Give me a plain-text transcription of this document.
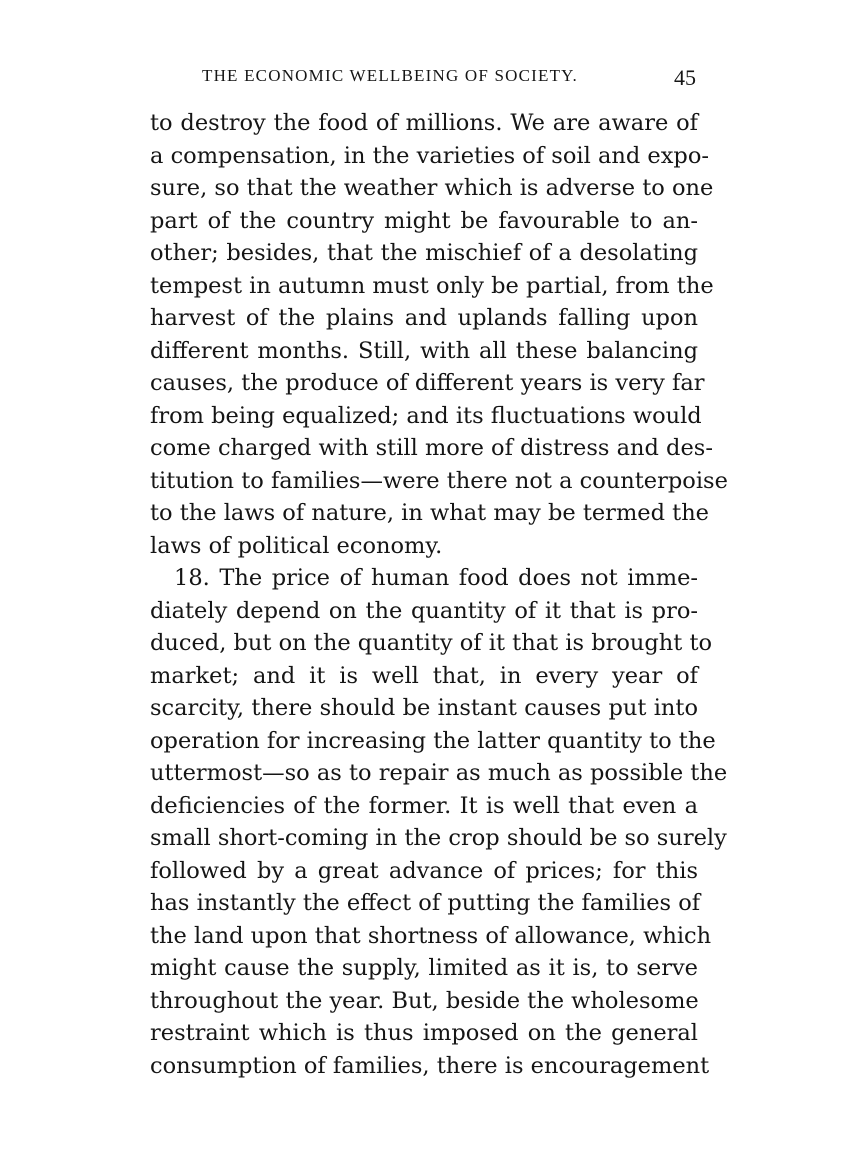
THE ECONOMIC WELLBEING OF SOCIETY.	45
to destroy the food of millions. We are aware of
a compensation, in the varieties of soil and expo-
sure, so that the weather which is adverse to one
part of the country might be favourable to an-
other; besides, that the mischief of a desolating
tempest in autumn must only be partial, from the
harvest of the plains and uplands falling upon
different months. Still, with all these balancing
causes, the produce of different years is very far
from being equalized; and its fluctuations would
come charged with still more of distress and des-
titution to families—were there not a counterpoise
to the laws of nature, in what may be termed the
laws of political economy.
18. The price of human food does not imme-
diately depend on the quantity of it that is pro-
duced, but on the quantity of it that is brought to
market; and it is well that, in every year of
scarcity, there should be instant causes put into
operation for increasing the latter quantity to the
uttermost—so as to repair as much as possible the
deficiencies of the former. It is well that even a
small short-coming in the crop should be so surely
followed by a great advance of prices; for this
has instantly the effect of putting the families of
the land upon that shortness of allowance, which
might cause the supply, limited as it is, to serve
throughout the year. But, beside the wholesome
restraint which is thus imposed on the general
consumption of families, there is encouragement
